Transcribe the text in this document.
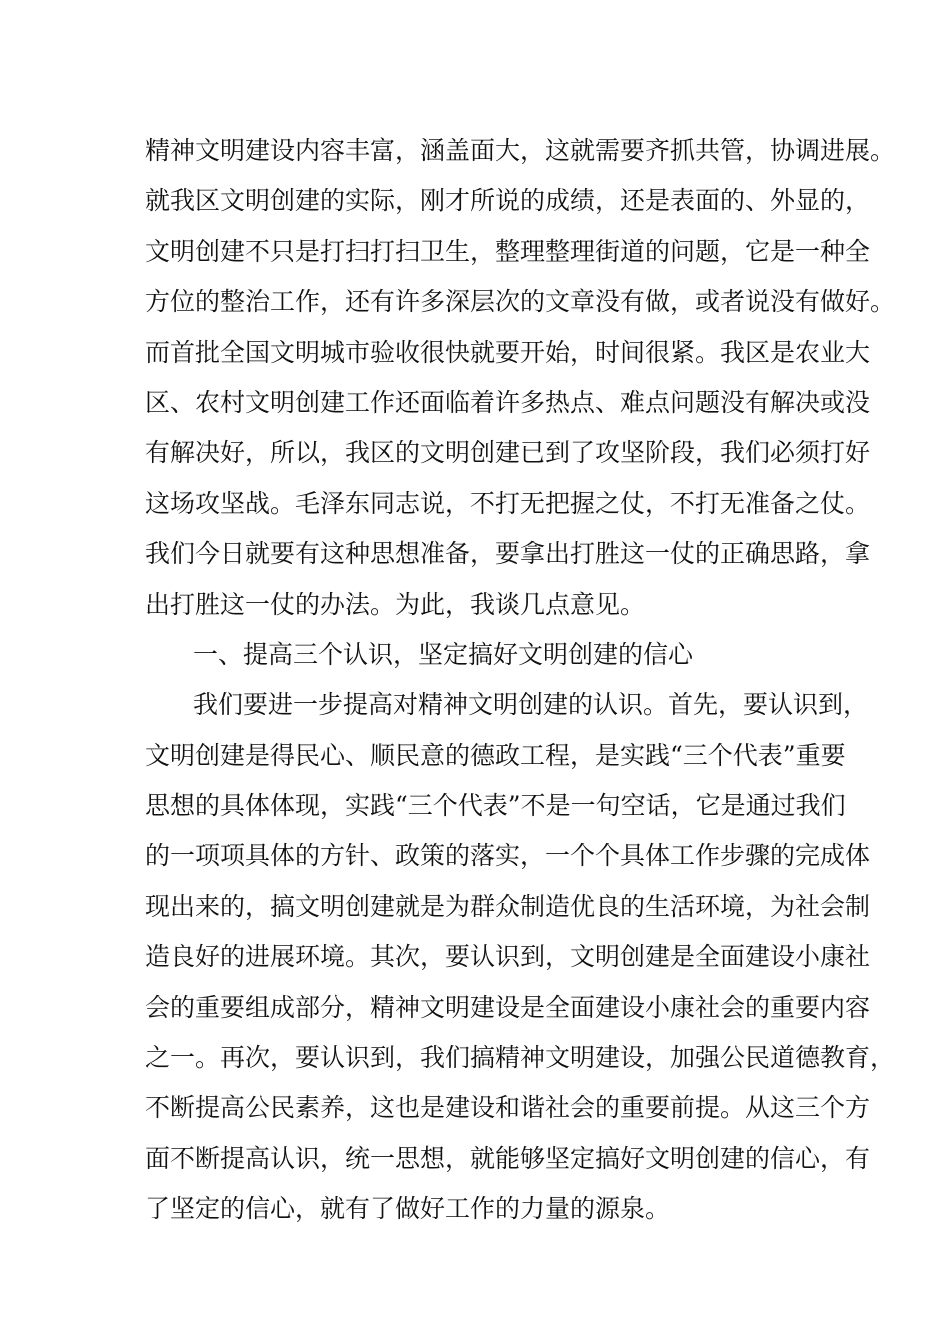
精神文明建设内容丰富，涵盖面大，这就需要齐抓共管，协调进展。
就我区文明创建的实际，刚才所说的成绩，还是表面的、外显的，
文明创建不只是打扫打扫卫生，整理整理街道的问题，它是一种全
方位的整治工作，还有许多深层次的文章没有做，或者说没有做好。
而首批全国文明城市验收很快就要开始，时间很紧。我区是农业大
区、农村文明创建工作还面临着许多热点、难点问题没有解决或没
有解决好，所以，我区的文明创建已到了攻坚阶段，我们必须打好
这场攻坚战。毛泽东同志说，不打无把握之仗，不打无准备之仗。
我们今日就要有这种思想准备，要拿出打胜这一仗的正确思路，拿
出打胜这一仗的办法。为此，我谈几点意见。
一、提高三个认识，坚定搞好文明创建的信心
我们要进一步提高对精神文明创建的认识。首先，要认识到，
文明创建是得民心、顺民意的德政工程，是实践“三个代表”重要
思想的具体体现，实践“三个代表”不是一句空话，它是通过我们
的一项项具体的方针、政策的落实，一个个具体工作步骤的完成体
现出来的，搞文明创建就是为群众制造优良的生活环境，为社会制
造良好的进展环境。其次，要认识到，文明创建是全面建设小康社
会的重要组成部分，精神文明建设是全面建设小康社会的重要内容
之一。再次，要认识到，我们搞精神文明建设，加强公民道德教育，
不断提高公民素养，这也是建设和谐社会的重要前提。从这三个方
面不断提高认识，统一思想，就能够坚定搞好文明创建的信心，有
了坚定的信心，就有了做好工作的力量的源泉。
